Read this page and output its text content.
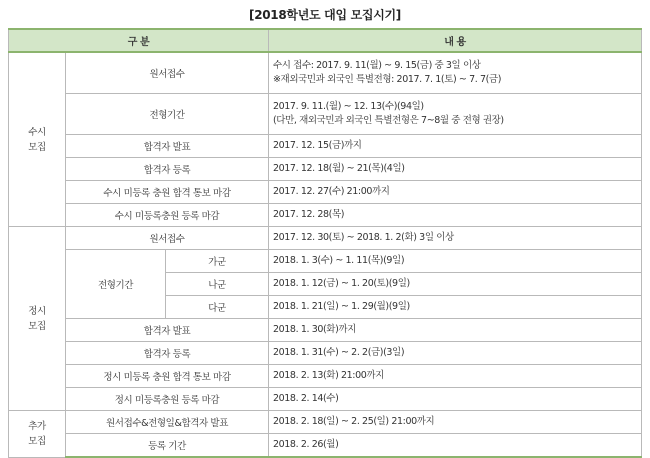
[2018학년도 대입 모집시기]
구 분			내 용

수시
모집	원서접수		수시 접수: 2017. 9. 11(월) ~ 9. 15(금) 중 3일 이상
※재외국민과 외국인 특별전형: 2017. 7. 1(토) ~ 7. 7(금)

	전형기간		2017. 9. 11.(월) ~ 12. 13(수)(94일)
(다만, 재외국민과 외국인 특별전형은 7~8월 중 전형 권장)

	합격자 발표		2017. 12. 15(금)까지
	합격자 등록		2017. 12. 18(월) ~ 21(목)(4일)
	수시 미등록 충원 합격 통보 마감		2017. 12. 27(수) 21:00까지
	수시 미등록충원 등록 마감		2017. 12. 28(목)

정시
모집	원서접수		2017. 12. 30(토) ~ 2018. 1. 2(화) 3일 이상
	전형기간	가군	2018. 1. 3(수) ~ 1. 11(목)(9일)
		나군	2018. 1. 12(금) ~ 1. 20(토)(9일)
		다군	2018. 1. 21(일) ~ 1. 29(월)(9일)
	합격자 발표		2018. 1. 30(화)까지
	합격자 등록		2018. 1. 31(수) ~ 2. 2(금)(3일)
	정시 미등록 충원 합격 통보 마감		2018. 2. 13(화) 21:00까지
	정시 미등록충원 등록 마감		2018. 2. 14(수)

추가
모집	원서접수&전형일&합격자 발표		2018. 2. 18(일) ~ 2. 25(일) 21:00까지
	등록 기간		2018. 2. 26(월)
